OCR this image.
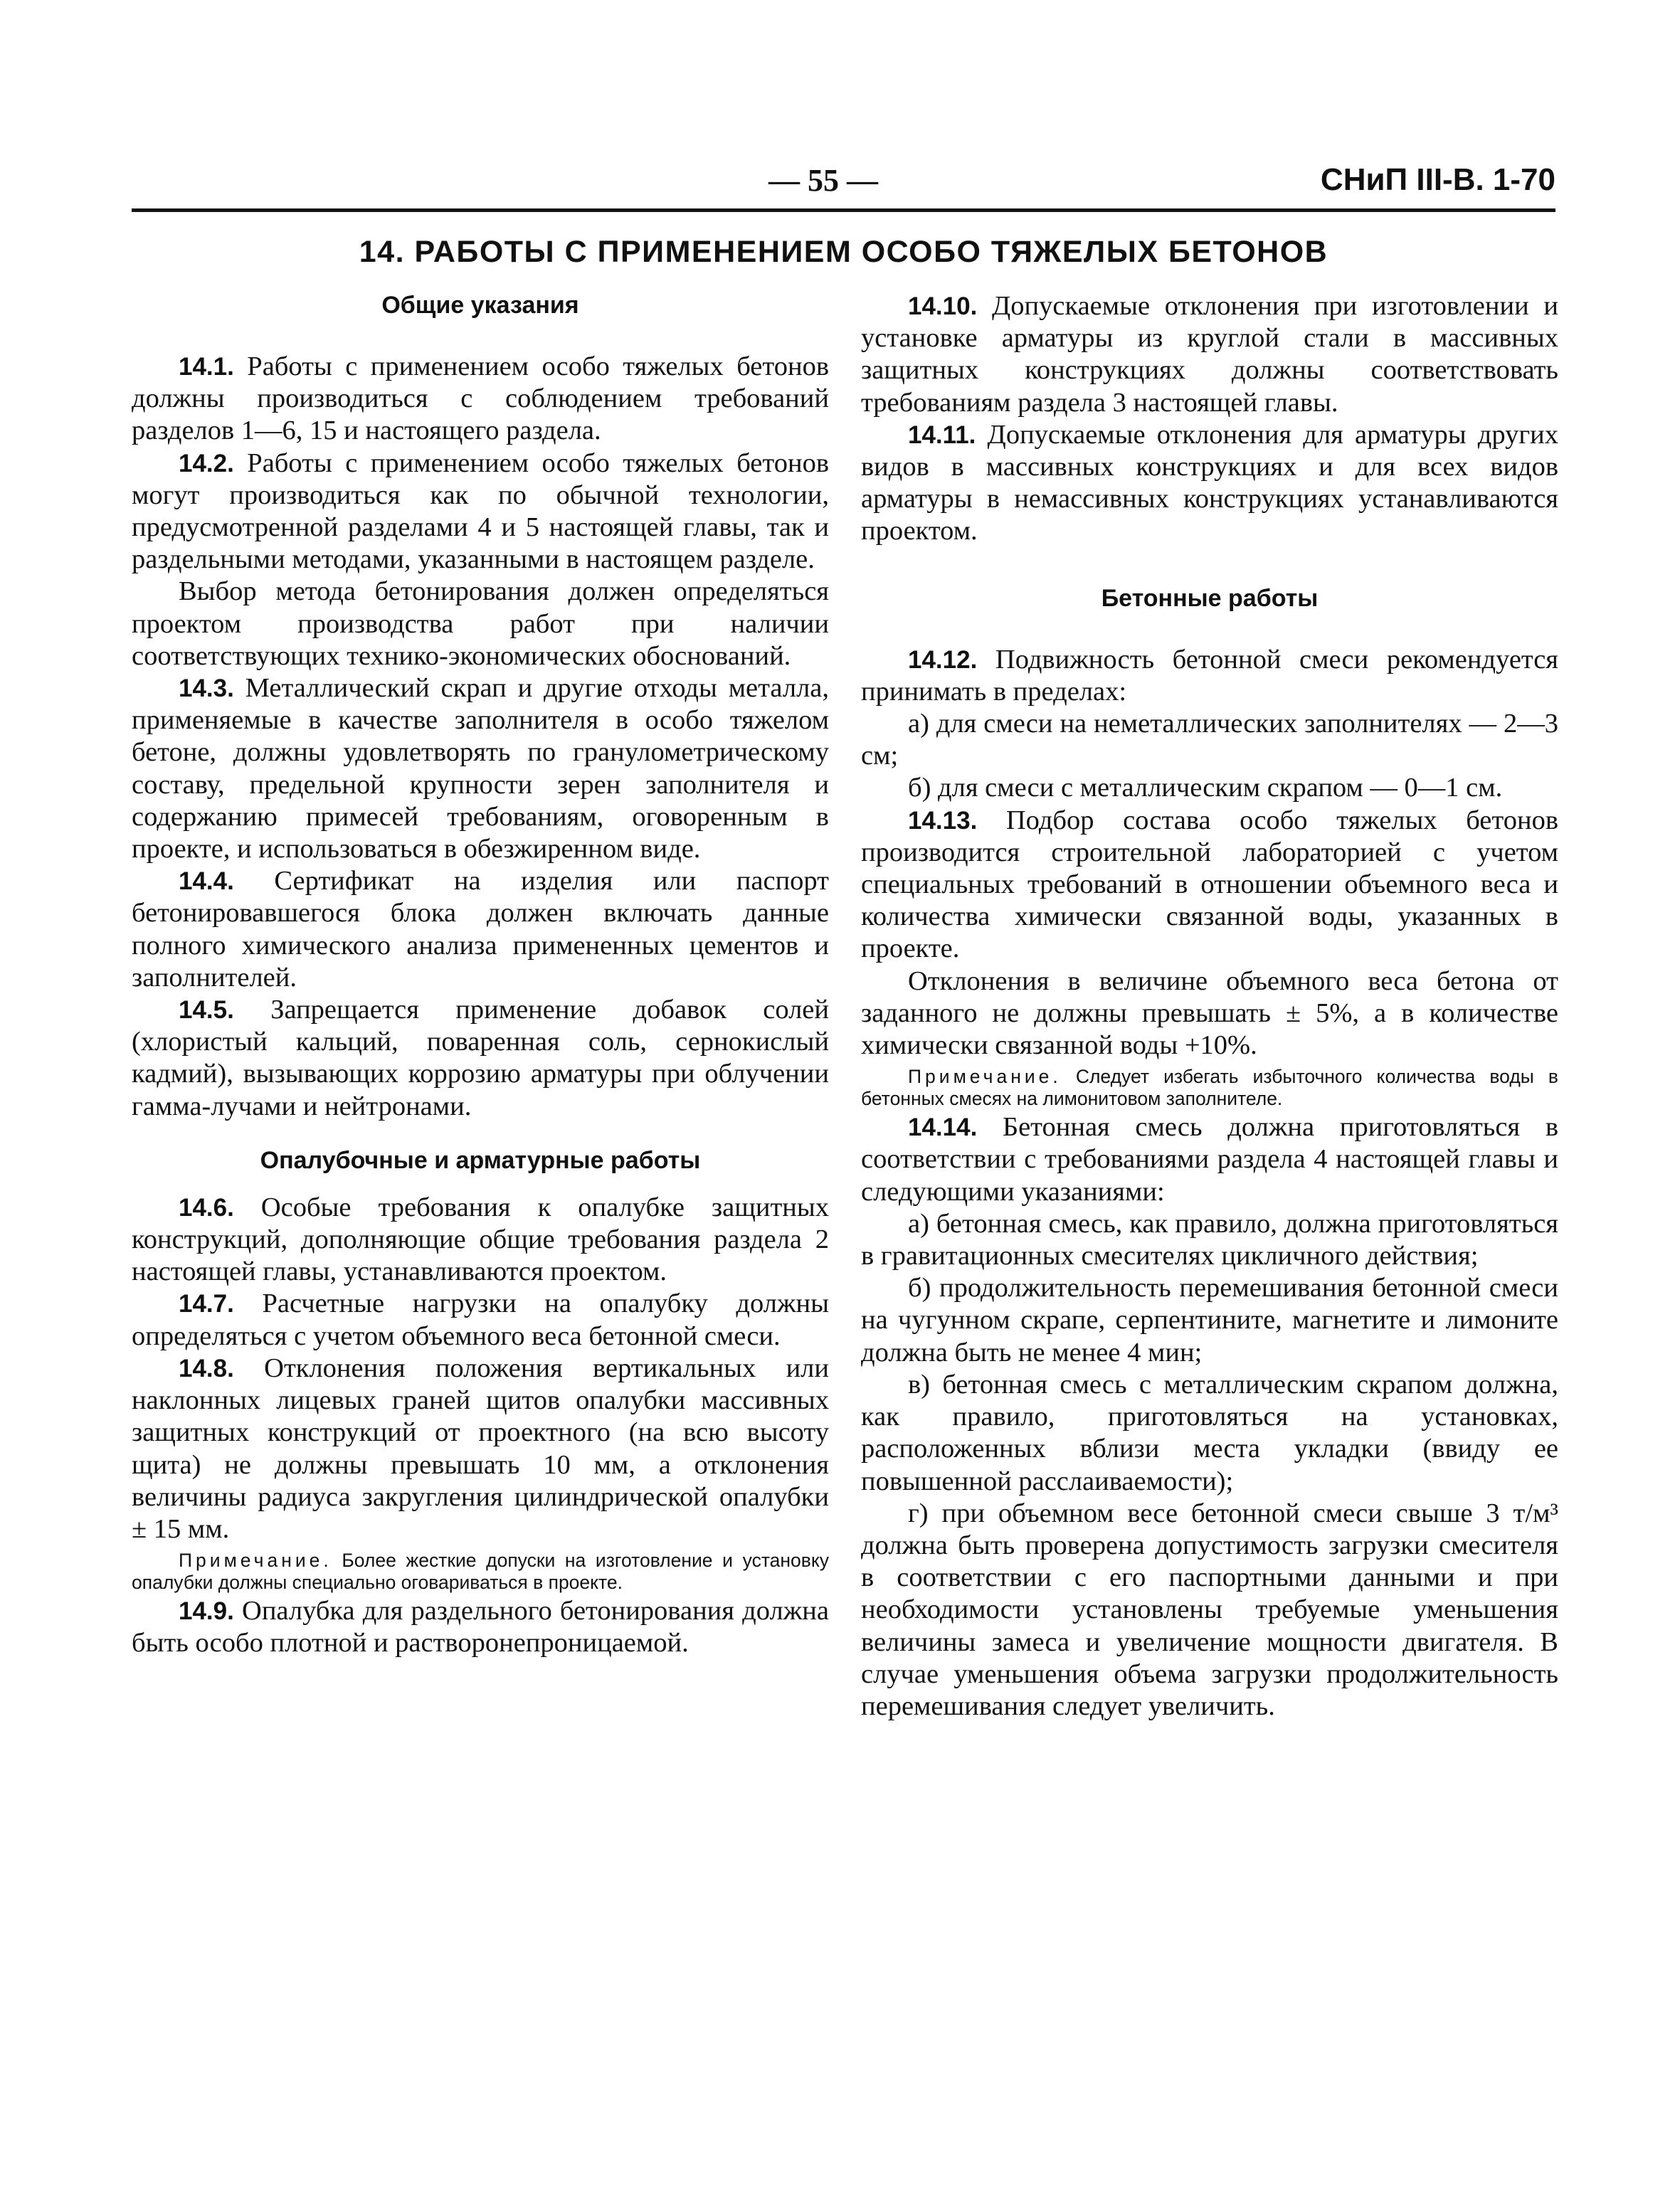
— 55 —	СНиП III-В. 1-70
14. РАБОТЫ С ПРИМЕНЕНИЕМ ОСОБО ТЯЖЕЛЫХ БЕТОНОВ
Общие указания

14.1. Работы с применением особо тяжелых бетонов должны производиться с соблюдением требований разделов 1—6, 15 и настоящего раздела.

14.2. Работы с применением особо тяжелых бетонов могут производиться как по обычной технологии, предусмотренной разделами 4 и 5 настоящей главы, так и раздельными методами, указанными в настоящем разделе.

Выбор метода бетонирования должен определяться проектом производства работ при наличии соответствующих технико-экономических обоснований.

14.3. Металлический скрап и другие отходы металла, применяемые в качестве заполнителя в особо тяжелом бетоне, должны удовлетворять по гранулометрическому составу, предельной крупности зерен заполнителя и содержанию примесей требованиям, оговоренным в проекте, и использоваться в обезжиренном виде.

14.4. Сертификат на изделия или паспорт бетонировавшегося блока должен включать данные полного химического анализа примененных цементов и заполнителей.

14.5. Запрещается применение добавок солей (хлористый кальций, поваренная соль, сернокислый кадмий), вызывающих коррозию арматуры при облучении гамма-лучами и нейтронами.

Опалубочные и арматурные работы

14.6. Особые требования к опалубке защитных конструкций, дополняющие общие требования раздела 2 настоящей главы, устанавливаются проектом.

14.7. Расчетные нагрузки на опалубку должны определяться с учетом объемного веса бетонной смеси.

14.8. Отклонения положения вертикальных или наклонных лицевых граней щитов опалубки массивных защитных конструкций от проектного (на всю высоту щита) не должны превышать 10 мм, а отклонения величины радиуса закругления цилиндрической опалубки ± 15 мм.

Примечание. Более жесткие допуски на изготовление и установку опалубки должны специально оговариваться в проекте.

14.9. Опалубка для раздельного бетонирования должна быть особо плотной и растворонепроницаемой.

14.10. Допускаемые отклонения при изготовлении и установке арматуры из круглой стали в массивных защитных конструкциях должны соответствовать требованиям раздела 3 настоящей главы.

14.11. Допускаемые отклонения для арматуры других видов в массивных конструкциях и для всех видов арматуры в немассивных конструкциях устанавливаются проектом.

Бетонные работы

14.12. Подвижность бетонной смеси рекомендуется принимать в пределах:

а) для смеси на неметаллических заполнителях — 2—3 см;

б) для смеси с металлическим скрапом — 0—1 см.

14.13. Подбор состава особо тяжелых бетонов производится строительной лабораторией с учетом специальных требований в отношении объемного веса и количества химически связанной воды, указанных в проекте.

Отклонения в величине объемного веса бетона от заданного не должны превышать ± 5%, а в количестве химически связанной воды +10%.

Примечание. Следует избегать избыточного количества воды в бетонных смесях на лимонитовом заполнителе.

14.14. Бетонная смесь должна приготовляться в соответствии с требованиями раздела 4 настоящей главы и следующими указаниями:

а) бетонная смесь, как правило, должна приготовляться в гравитационных смесителях цикличного действия;

б) продолжительность перемешивания бетонной смеси на чугунном скрапе, серпентините, магнетите и лимоните должна быть не менее 4 мин;

в) бетонная смесь с металлическим скрапом должна, как правило, приготовляться на установках, расположенных вблизи места укладки (ввиду ее повышенной расслаиваемости);

г) при объемном весе бетонной смеси свыше 3 т/м³ должна быть проверена допустимость загрузки смесителя в соответствии с его паспортными данными и при необходимости установлены требуемые уменьшения величины замеса и увеличение мощности двигателя. В случае уменьшения объема загрузки продолжительность перемешивания следует увеличить.
